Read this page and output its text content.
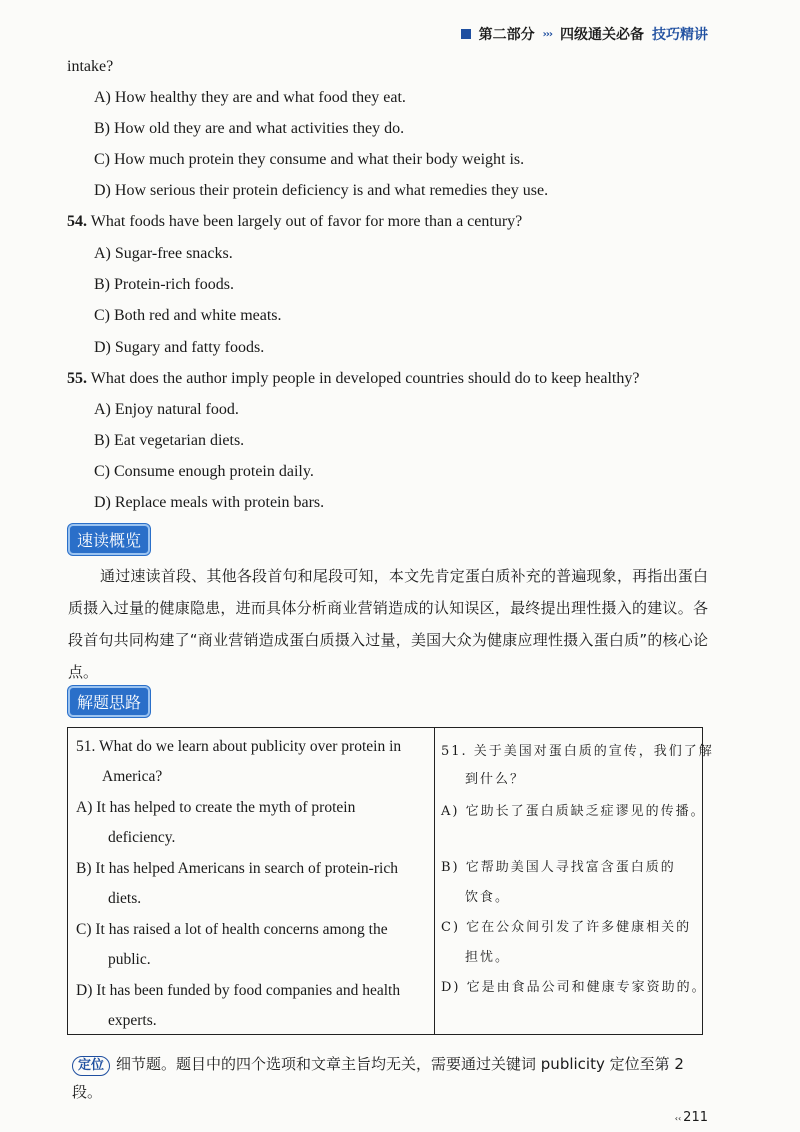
第二部分 ››› 四级通关必备 技巧精讲
intake?
A) How healthy they are and what food they eat.
B) How old they are and what activities they do.
C) How much protein they consume and what their body weight is.
D) How serious their protein deficiency is and what remedies they use.
54. What foods have been largely out of favor for more than a century?
A) Sugar-free snacks.
B) Protein-rich foods.
C) Both red and white meats.
D) Sugary and fatty foods.
55. What does the author imply people in developed countries should do to keep healthy?
A) Enjoy natural food.
B) Eat vegetarian diets.
C) Consume enough protein daily.
D) Replace meals with protein bars.
速读概览
通过速读首段、其他各段首句和尾段可知，本文先肯定蛋白质补充的普遍现象，再指出蛋白质摄入过量的健康隐患，进而具体分析商业营销造成的认知误区，最终提出理性摄入的建议。各段首句共同构建了“商业营销造成蛋白质摄入过量，美国大众为健康应理性摄入蛋白质”的核心论点。
解题思路
51. What do we learn about publicity over protein in
America?
A) It has helped to create the myth of protein
deficiency.
B) It has helped Americans in search of protein-rich
diets.
C) It has raised a lot of health concerns among the
public.
D) It has been funded by food companies and health
experts.
51. 关于美国对蛋白质的宣传，我们了解
到什么？
A) 它助长了蛋白质缺乏症谬见的传播。
B) 它帮助美国人寻找富含蛋白质的
饮食。
C) 它在公众间引发了许多健康相关的
担忧。
D) 它是由食品公司和健康专家资助的。
定位 细节题。题目中的四个选项和文章主旨均无关，需要通过关键词 publicity 定位至第 2 段。
‹‹ 211
